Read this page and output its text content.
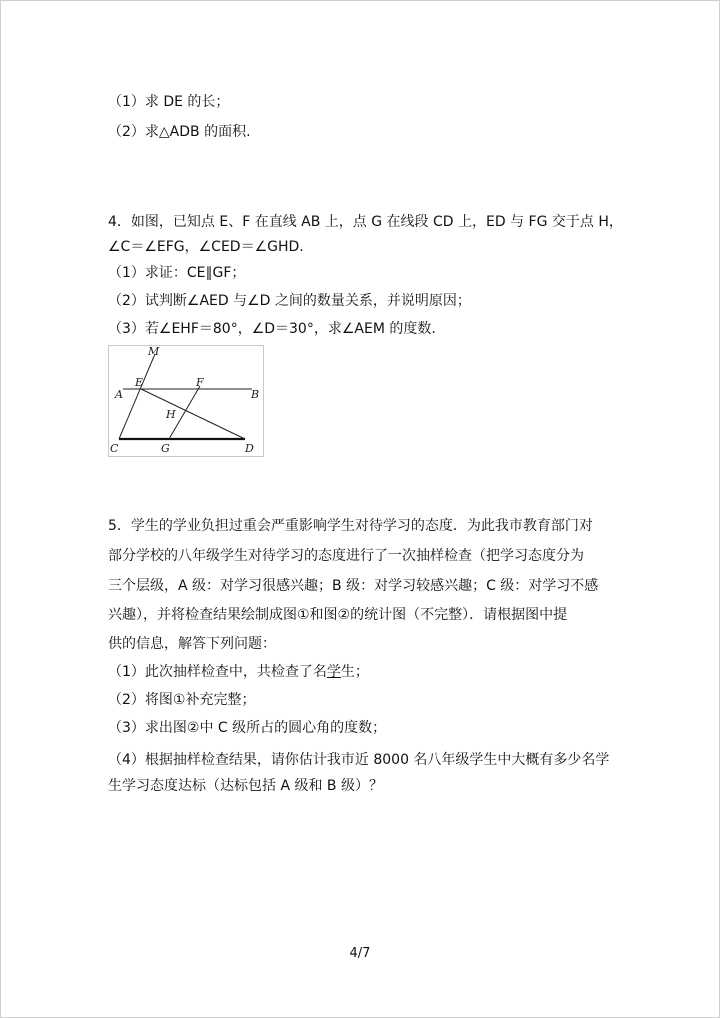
（1）求 DE 的长；
（2）求△ADB 的面积.
4．如图，已知点 E、F 在直线 AB 上，点 G 在线段 CD 上，ED 与 FG 交于点 H，
∠C＝∠EFG，∠CED＝∠GHD.
（1）求证：CE∥GF；
（2）试判断∠AED 与∠D 之间的数量关系，并说明原因；
（3）若∠EHF＝80°，∠D＝30°，求∠AEM 的度数.
M
E	F
A	B
H
C	G	D
5．学生的学业负担过重会严重影响学生对待学习的态度．为此我市教育部门对
部分学校的八年级学生对待学习的态度进行了一次抽样检查（把学习态度分为
三个层级，A 级：对学习很感兴趣；B 级：对学习较感兴趣；C 级：对学习不感
兴趣），并将检查结果绘制成图①和图②的统计图（不完整）．请根据图中提
供的信息，解答下列问题：
（1）此次抽样检查中，共检查了名学生；
（2）将图①补充完整；
（3）求出图②中 C 级所占的圆心角的度数；
（4）根据抽样检查结果，请你估计我市近 8000 名八年级学生中大概有多少名学
生学习态度达标（达标包括 A 级和 B 级）？
4/7
